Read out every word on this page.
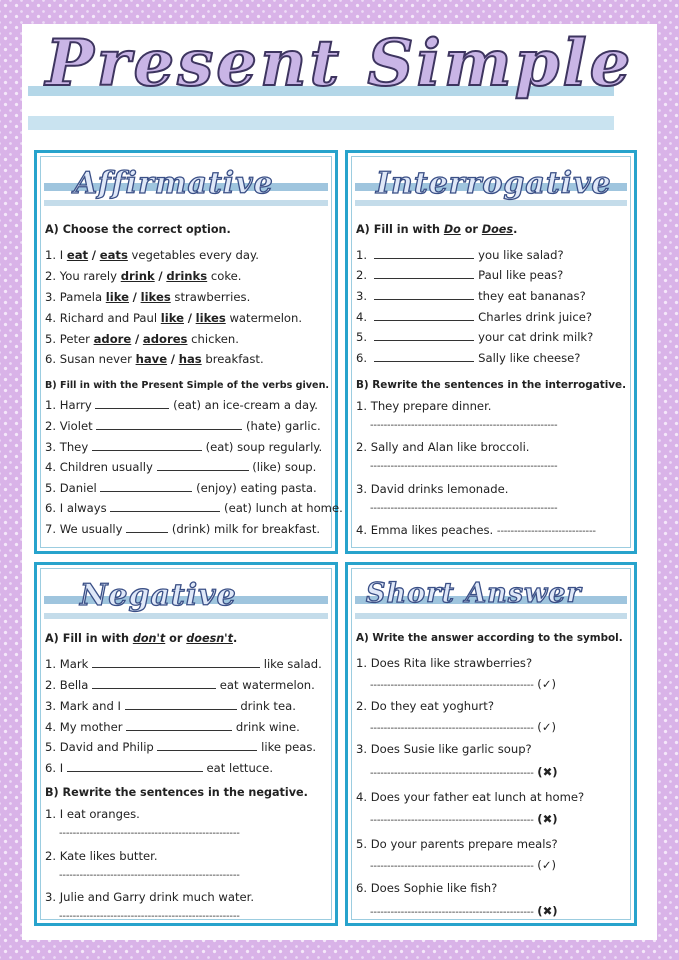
Present Simple
Affirmative
A) Choose the correct option.
1. I eat / eats vegetables every day.
2. You rarely drink / drinks coke.
3. Pamela like / likes strawberries.
4. Richard and Paul like / likes watermelon.
5. Peter adore / adores chicken.
6. Susan never have / has breakfast.
B) Fill in with the Present Simple of the verbs given.
1. Harry	(eat) an ice-cream a day.
2. Violet	(hate) garlic.
3. They	(eat) soup regularly.
4. Children usually	(like) soup.
5. Daniel	(enjoy) eating pasta.
6. I always	(eat) lunch at home.
7. We usually	(drink) milk for breakfast.
Interrogative
A) Fill in with Do or Does.
1.	you like salad?
2.	Paul like peas?
3.	they eat bananas?
4.	Charles drink juice?
5.	your cat drink milk?
6.	Sally like cheese?
B) Rewrite the sentences in the interrogative.
1. They prepare dinner.
-------------------------------------------------------
2. Sally and Alan like broccoli.
-------------------------------------------------------
3. David drinks lemonade.
-------------------------------------------------------
4. Emma likes peaches. -----------------------------
Negative
A) Fill in with don't or doesn't.
1. Mark	like salad.
2. Bella	eat watermelon.
3. Mark and I	drink tea.
4. My mother	drink wine.
5. David and Philip	like peas.
6. I	eat lettuce.
B) Rewrite the sentences in the negative.
1. I eat oranges.
-----------------------------------------------------
2. Kate likes butter.
-----------------------------------------------------
3. Julie and Garry drink much water.
-----------------------------------------------------
Short Answer
A) Write the answer according to the symbol.
1. Does Rita like strawberries?
------------------------------------------------ (✓)
2. Do they eat yoghurt?
------------------------------------------------ (✓)
3. Does Susie like garlic soup?
------------------------------------------------ (✖)
4. Does your father eat lunch at home?
------------------------------------------------ (✖)
5. Do your parents prepare meals?
------------------------------------------------ (✓)
6. Does Sophie like fish?
------------------------------------------------ (✖)
